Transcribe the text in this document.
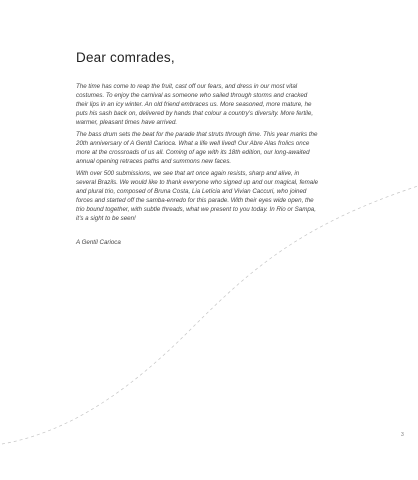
Dear comrades,

The time has come to reap the fruit, cast off our fears, and dress in our most vital costumes. To enjoy the carnival as someone who sailed through storms and cracked their lips in an icy winter. An old friend embraces us. More seasoned, more mature, he puts his sash back on, delivered by hands that colour a country’s diversity. More fertile, warmer, pleasant times have arrived.

The bass drum sets the beat for the parade that struts through time. This year marks the 20th anniversary of A Gentil Carioca. What a life well lived! Our Abre Alas frolics once more at the crossroads of us all. Coming of age with its 18th edition, our long-awaited annual opening retraces paths and summons new faces.

With over 500 submissions, we see that art once again resists, sharp and alive, in several Brazils. We would like to thank everyone who signed up and our magical, female and plural trio, composed of Bruna Costa, Lia Letícia and Vivian Caccuri, who joined forces and started off the samba-enredo for this parade. With their eyes wide open, the trio bound together, with subtle threads, what we present to you today. In Rio or Sampa, it’s a sight to be seen!

A Gentil Carioca
3
